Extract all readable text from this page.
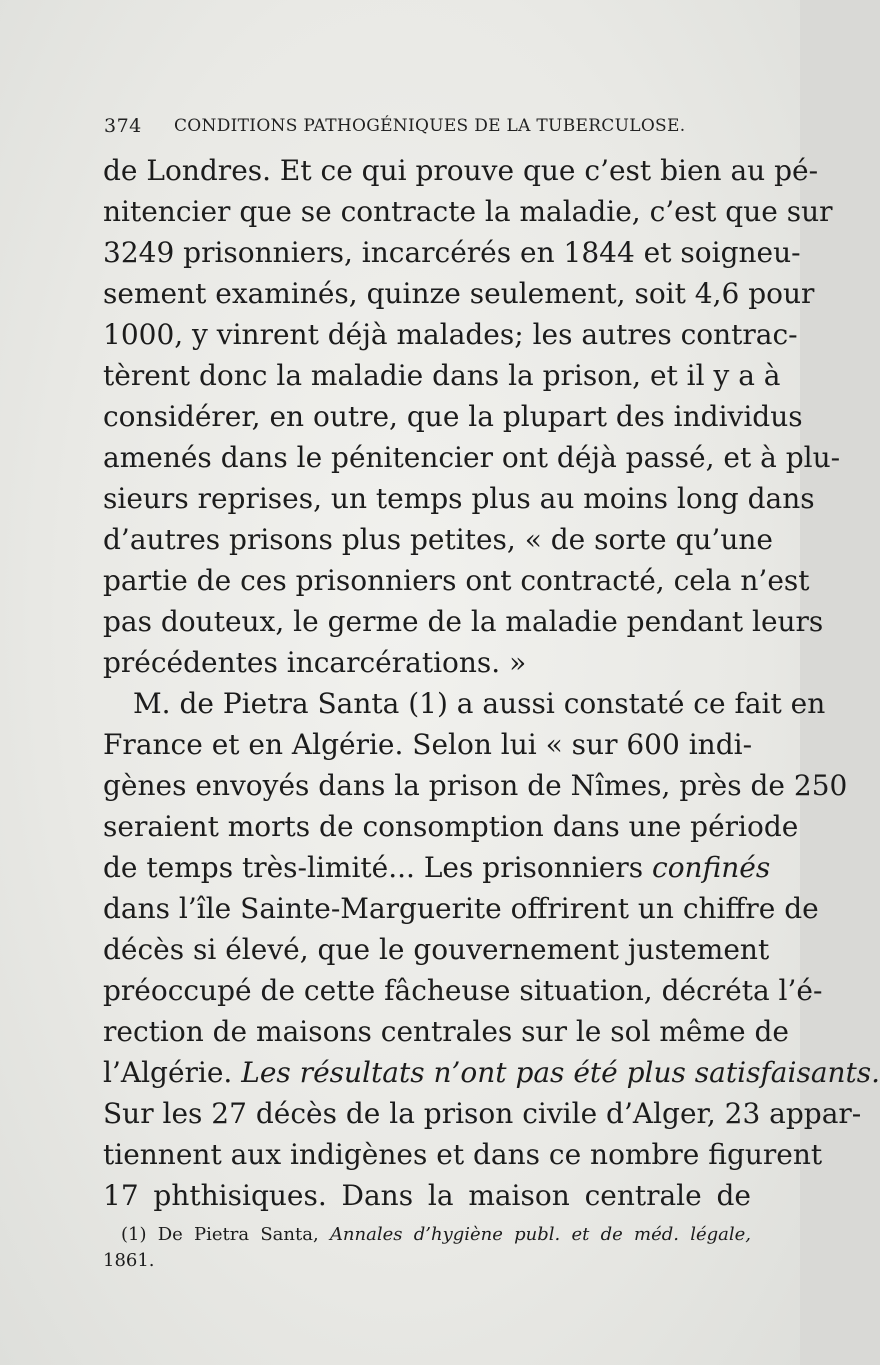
374 CONDITIONS PATHOGÉNIQUES DE LA TUBERCULOSE.
de Londres. Et ce qui prouve que c’est bien au pé-
nitencier que se contracte la maladie, c’est que sur
3249 prisonniers, incarcérés en 1844 et soigneu-
sement examinés, quinze seulement, soit 4,6 pour
1000, y vinrent déjà malades; les autres contrac-
tèrent donc la maladie dans la prison, et il y a à
considérer, en outre, que la plupart des individus
amenés dans le pénitencier ont déjà passé, et à plu-
sieurs reprises, un temps plus au moins long dans
d’autres prisons plus petites, « de sorte qu’une
partie de ces prisonniers ont contracté, cela n’est
pas douteux, le germe de la maladie pendant leurs
précédentes incarcérations. »
M. de Pietra Santa (1) a aussi constaté ce fait en
France et en Algérie. Selon lui « sur 600 indi-
gènes envoyés dans la prison de Nîmes, près de 250
seraient morts de consomption dans une période
de temps très-limité... Les prisonniers confinés
dans l’île Sainte-Marguerite offrirent un chiffre de
décès si élevé, que le gouvernement justement
préoccupé de cette fâcheuse situation, décréta l’é-
rection de maisons centrales sur le sol même de
l’Algérie. Les résultats n’ont pas été plus satisfaisants.
Sur les 27 décès de la prison civile d’Alger, 23 appar-
tiennent aux indigènes et dans ce nombre figurent
17 phthisiques. Dans la maison centrale de
(1) De Pietra Santa, Annales d’hygiène publ. et de méd. légale,
1861.
